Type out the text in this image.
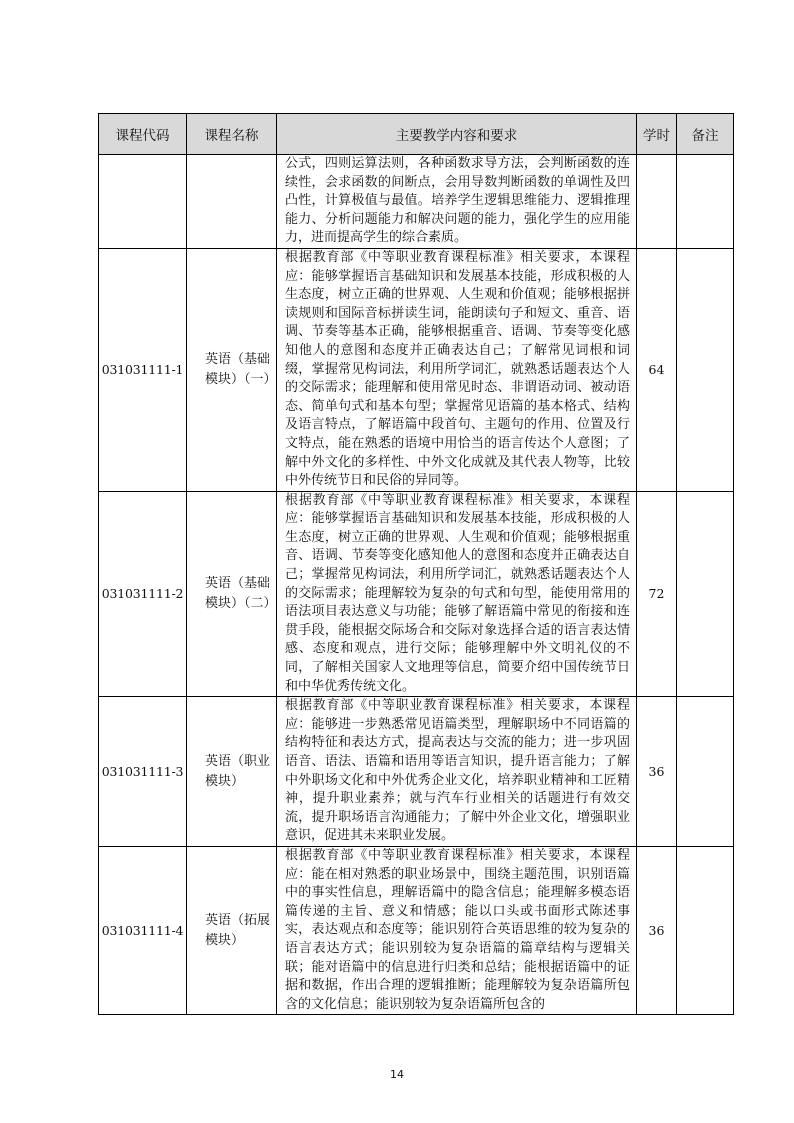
课程代码	课程名称	主要教学内容和要求	学时	备注
		公式，四则运算法则，各种函数求导方法，会判断函数的连续性，会求函数的间断点，会用导数判断函数的单调性及凹凸性，计算极值与最值。培养学生逻辑思维能力、逻辑推理能力、分析问题能力和解决问题的能力，强化学生的应用能力，进而提高学生的综合素质。		
031031111-1	英语（基础模块）（一）	根据教育部《中等职业教育课程标准》相关要求，本课程应：能够掌握语言基础知识和发展基本技能，形成积极的人生态度，树立正确的世界观、人生观和价值观；能够根据拼读规则和国际音标拼读生词，能朗读句子和短文、重音、语调、节奏等基本正确，能够根据重音、语调、节奏等变化感知他人的意图和态度并正确表达自己；了解常见词根和词缀，掌握常见构词法，利用所学词汇，就熟悉话题表达个人的交际需求；能理解和使用常见时态、非谓语动词、被动语态、简单句式和基本句型；掌握常见语篇的基本格式、结构及语言特点，了解语篇中段首句、主题句的作用、位置及行文特点，能在熟悉的语境中用恰当的语言传达个人意图；了解中外文化的多样性、中外文化成就及其代表人物等，比较中外传统节日和民俗的异同等。	64	
031031111-2	英语（基础模块）（二）	根据教育部《中等职业教育课程标准》相关要求，本课程应：能够掌握语言基础知识和发展基本技能，形成积极的人生态度，树立正确的世界观、人生观和价值观；能够根据重音、语调、节奏等变化感知他人的意图和态度并正确表达自己；掌握常见构词法，利用所学词汇，就熟悉话题表达个人的交际需求；能理解较为复杂的句式和句型，能使用常用的语法项目表达意义与功能；能够了解语篇中常见的衔接和连贯手段，能根据交际场合和交际对象选择合适的语言表达情感、态度和观点，进行交际；能够理解中外文明礼仪的不同，了解相关国家人文地理等信息，简要介绍中国传统节日和中华优秀传统文化。	72	
031031111-3	英语（职业模块）	根据教育部《中等职业教育课程标准》相关要求，本课程应：能够进一步熟悉常见语篇类型，理解职场中不同语篇的结构特征和表达方式，提高表达与交流的能力；进一步巩固语音、语法、语篇和语用等语言知识，提升语言能力；了解中外职场文化和中外优秀企业文化，培养职业精神和工匠精神，提升职业素养；就与汽车行业相关的话题进行有效交流，提升职场语言沟通能力；了解中外企业文化，增强职业意识，促进其未来职业发展。	36	
031031111-4	英语（拓展模块）	根据教育部《中等职业教育课程标准》相关要求，本课程应：能在相对熟悉的职业场景中，围绕主题范围，识别语篇中的事实性信息，理解语篇中的隐含信息；能理解多模态语篇传递的主旨、意义和情感；能以口头或书面形式陈述事实，表达观点和态度等；能识别符合英语思维的较为复杂的语言表达方式；能识别较为复杂语篇的篇章结构与逻辑关联；能对语篇中的信息进行归类和总结；能根据语篇中的证据和数据，作出合理的逻辑推断；能理解较为复杂语篇所包含的文化信息；能识别较为复杂语篇所包含的	36	
14
